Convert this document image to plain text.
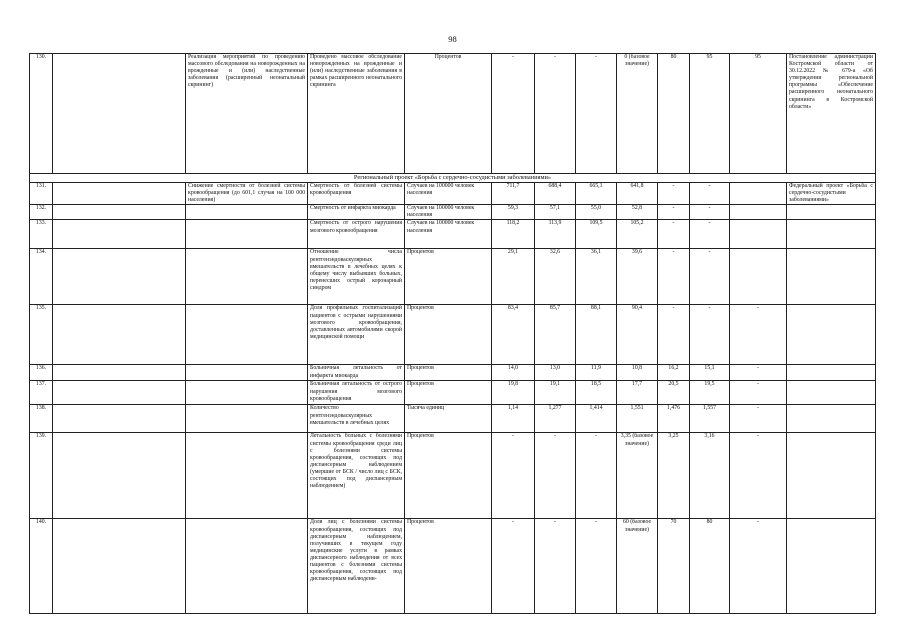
98
130.		Реализация мероприятий по проведению массового обследования на новорожденных на врожденные и (или) наследственные заболевания (расширенный неонатальный скрининг)	Проведено массовое обследование новорожденных на врожденные и (или) наследственные заболевания в рамках расширенного неонатального скрининга	Процентов	-	-	-	0 (базовое значение)	80	95	95	Постановление администрации Костромской области от 30.12.2022 № 679-а «Об утверждении региональной программы «Обеспечение расширенного неонатального скрининга в Костромской области»
Региональный проект «Борьба с сердечно-сосудистыми заболеваниями»												
131.		Снижение смертности от болезней системы кровообращения (до 601,1 случая на 100 000 населения)	Смертность от болезней системы кровообращения	Случаев на 100000 человек населения	711,7	688,4	665,1	641,8	-	-		Федеральный проект «Борьба с сердечно-сосудистыми заболеваниями»
132.			Смертность от инфаркта миокарда	Случаев на 100000 человек населения	59,3	57,1	55,0	52,8	-	-		
133.			Смертность от острого нарушения мозгового кровообращения	Случаев на 100000 человек населения	118,2	113,9	109,5	105,2	-	-		
134.			Отношение числа рентгенэндоваскулярных вмешательств в лечебных целях к общему числу выбывших больных, перенесших острый коронарный синдром	Процентов	29,1	32,6	36,1	39,6	-	-		
135.			Доля профильных госпитализаций пациентов с острыми нарушениями мозгового кровообращения, доставленных автомобилями скорой медицинской помощи	Процентов	83,4	85,7	88,1	90,4	-	-	-	
136.			Больничная летальность от инфаркта миокарда	Процентов	14,0	13,0	11,9	10,8	16,2	15,1	-	
137.			Больничная летальность от острого нарушения мозгового кровообращения	Процентов	19,8	19,1	18,5	17,7	20,5	19,5	-	
138.			Количество рентгенэндоваскулярных вмешательств в лечебных целях	Тысяча единиц	1,14	1,277	1,414	1,551	1,476	1,557	-	
139.			Летальность больных с болезнями системы кровообращения среди лиц с болезнями системы кровообращения, состоящих под диспансерным наблюдением (умершие от БСК / число лиц с БСК, состоящих под диспансерным наблюдением)	Процентов	-	-	-	3,35 (базовое значение)	3,25	3,16	-	
140.			Доля лиц с болезнями системы кровообращения, состоящих под диспансерным наблюдением, получивших в текущем году медицинские услуги в рамках диспансерного наблюдения от всех пациентов с болезнями системы кровообращения, состоящих под диспансерным наблюдени-	Процентов	-	-	-	60 (базовое значение)	70	80	-	
